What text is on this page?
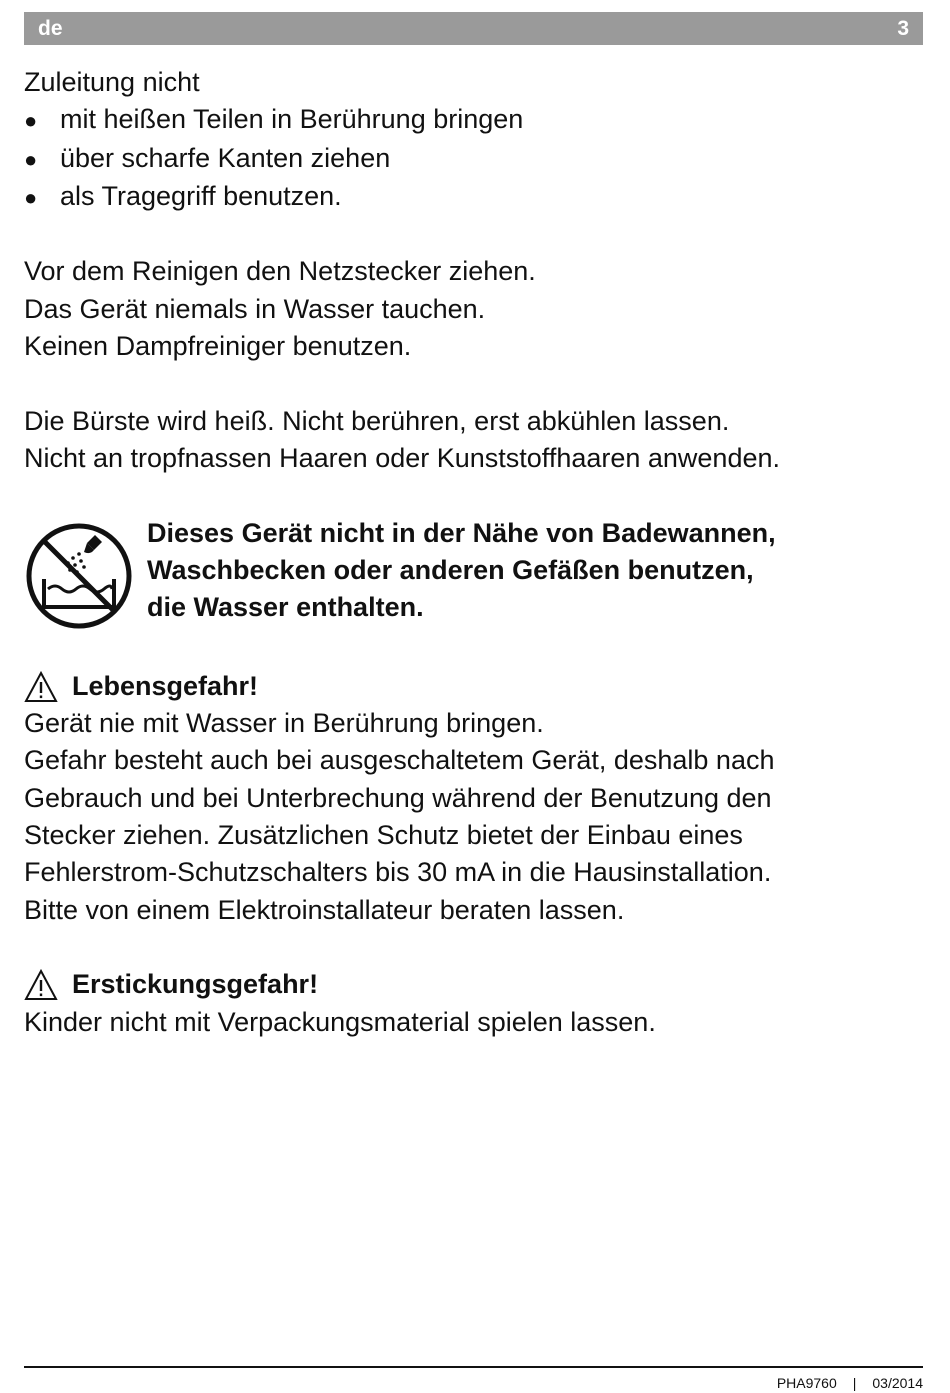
de	3
Zuleitung nicht
● mit heißen Teilen in Berührung bringen
● über scharfe Kanten ziehen
● als Tragegriff benutzen.
Vor dem Reinigen den Netzstecker ziehen.
Das Gerät niemals in Wasser tauchen.
Keinen Dampfreiniger benutzen.
Die Bürste wird heiß. Nicht berühren, erst abkühlen lassen.
Nicht an tropfnassen Haaren oder Kunststoffhaaren anwenden.
Dieses Gerät nicht in der Nähe von Badewannen,
Waschbecken oder anderen Gefäßen benutzen,
die Wasser enthalten.
Lebensgefahr!
Gerät nie mit Wasser in Berührung bringen.
Gefahr besteht auch bei ausgeschaltetem Gerät, deshalb nach
Gebrauch und bei Unterbrechung während der Benutzung den
Stecker ziehen. Zusätzlichen Schutz bietet der Einbau eines
Fehlerstrom-Schutzschalters bis 30 mA in die Hausinstallation.
Bitte von einem Elektroinstallateur beraten lassen.
Erstickungsgefahr!
Kinder nicht mit Verpackungsmaterial spielen lassen.
PHA9760 | 03/2014
